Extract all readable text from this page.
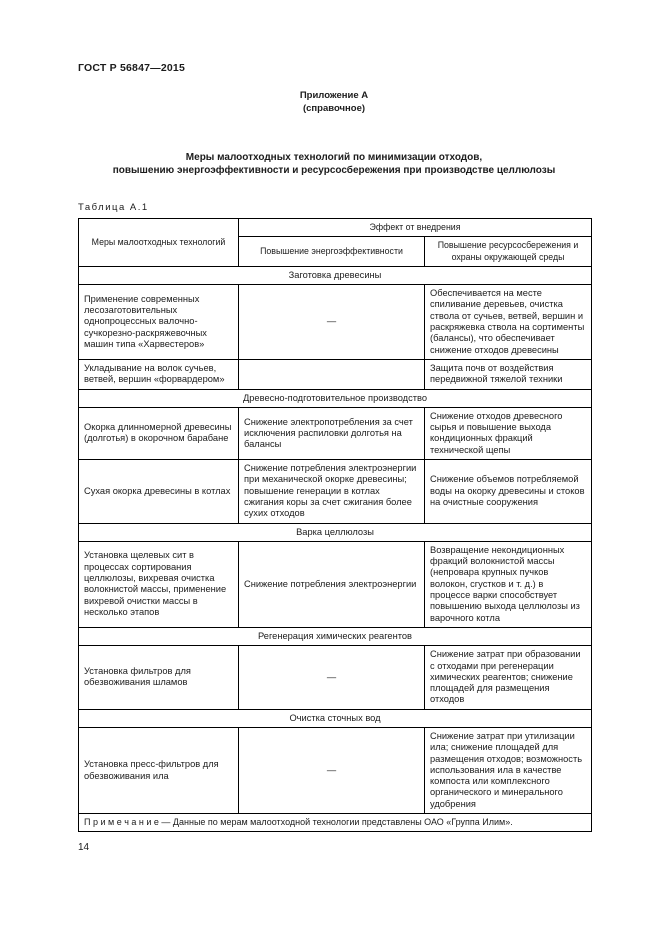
ГОСТ Р 56847—2015
Приложение А
(справочное)
Меры малоотходных технологий по минимизации отходов,
повышению энергоэффективности и ресурсосбережения при производстве целлюлозы
Таблица А.1
Меры малоотходных технологий	Эффект от внедрения	
	Повышение энергоэффективности	Повышение ресурсосбережения и охраны окружающей среды
Заготовка древесины		
Применение современных лесозаготовительных однопроцессных валочно-сучкорезно-раскряжевочных машин типа «Харвестеров»	—	Обеспечивается на месте спиливание деревьев, очистка ствола от сучьев, ветвей, вершин и раскряжевка ствола на сортименты (балансы), что обеспечивает снижение отходов древесины
Укладывание на волок сучьев, ветвей, вершин «форвардером»		Защита почв от воздействия передвижной тяжелой техники
Древесно-подготовительное производство		
Окорка длинномерной древесины (долготья) в окорочном барабане	Снижение электропотребления за счет исключения распиловки долготья на балансы	Снижение отходов древесного сырья и повышение выхода кондиционных фракций технической щепы
Сухая окорка древесины в котлах	Снижение потребления электроэнергии при механической окорке древесины; повышение генерации в котлах сжигания коры за счет сжигания более сухих отходов	Снижение объемов потребляемой воды на окорку древесины и стоков на очистные сооружения
Варка целлюлозы		
Установка щелевых сит в процессах сортирования целлюлозы, вихревая очистка волокнистой массы, применение вихревой очистки массы в несколько этапов	Снижение потребления электроэнергии	Возвращение некондиционных фракций волокнистой массы (непровара крупных пучков волокон, сгустков и т. д.) в процессе варки способствует повышению выхода целлюлозы из варочного котла
Регенерация химических реагентов		
Установка фильтров для обезвоживания шламов	—	Снижение затрат при образовании с отходами при регенерации химических реагентов; снижение площадей для размещения отходов
Очистка сточных вод		
Установка пресс-фильтров для обезвоживания ила	—	Снижение затрат при утилизации ила; снижение площадей для размещения отходов; возможность использования ила в качестве компоста или комплексного органического и минерального удобрения
П р и м е ч а н и е — Данные по мерам малоотходной технологии представлены ОАО «Группа Илим».		
14
